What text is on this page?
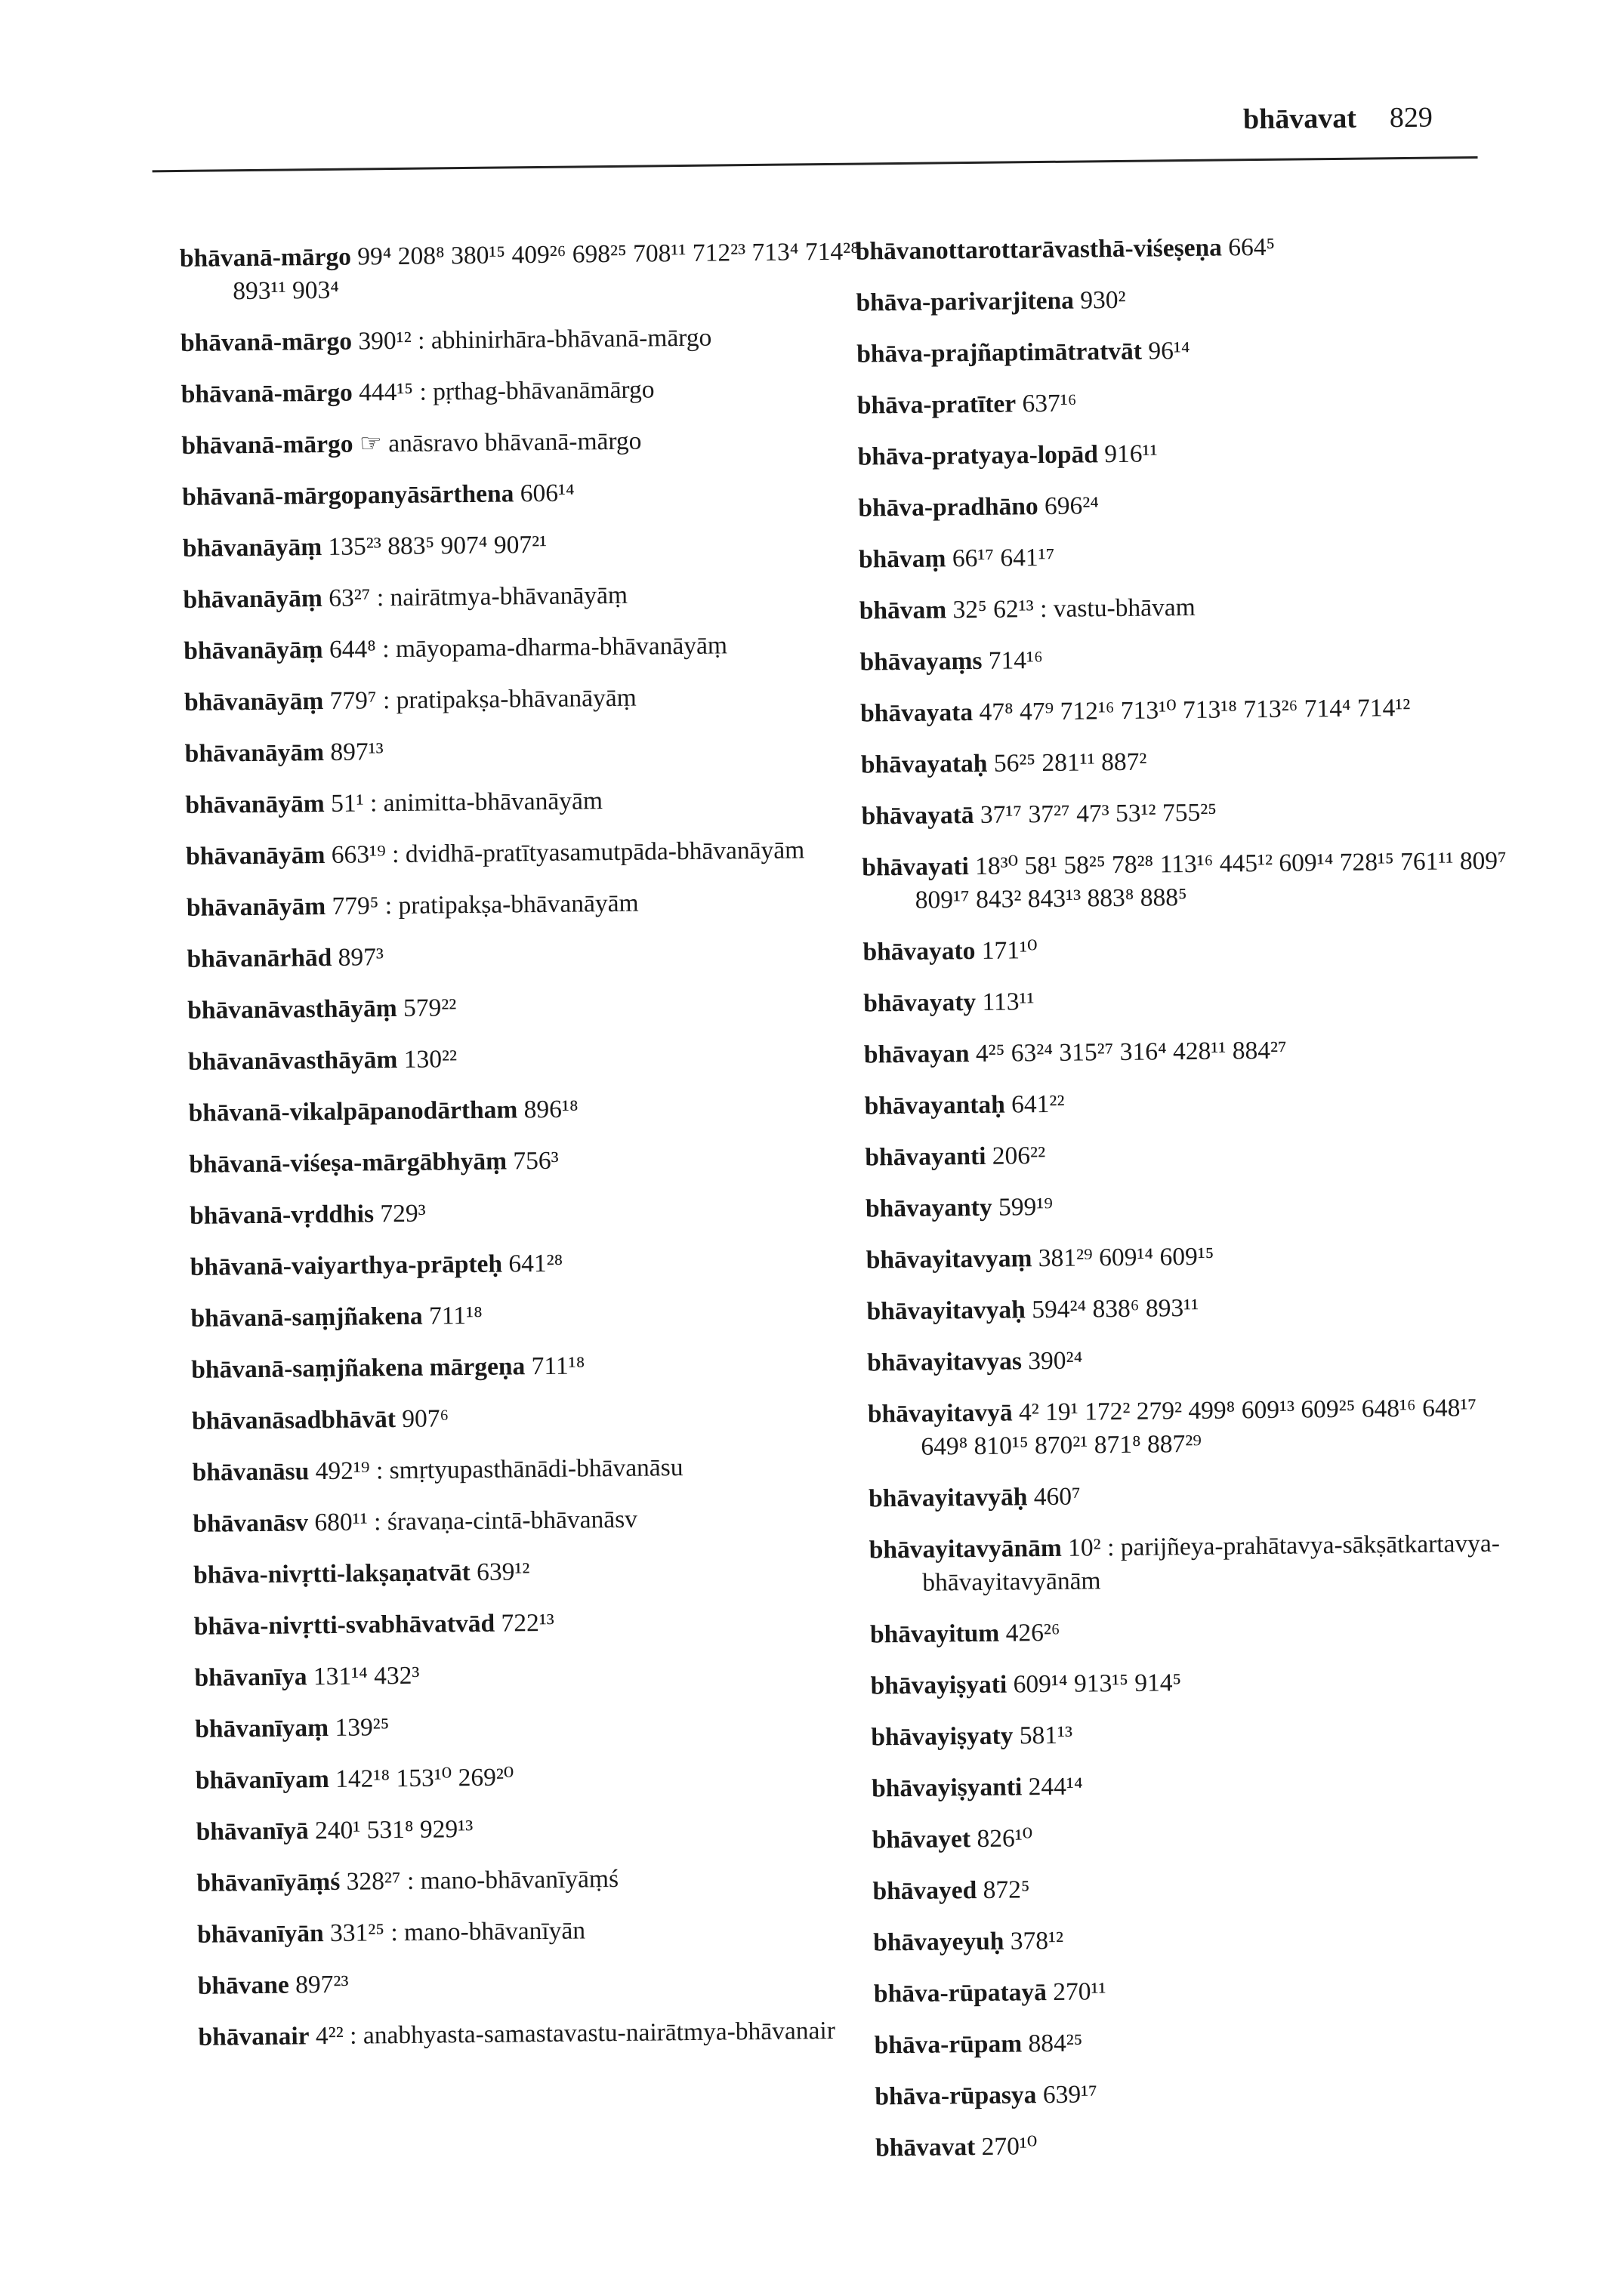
bhāvavat 829
bhāvanā-mārgo 99⁴ 208⁸ 380¹⁵ 409²⁶ 698²⁵ 708¹¹ 712²³ 713⁴ 714²⁸ 893¹¹ 903⁴
bhāvanā-mārgo 390¹² : abhinirhāra-bhāvanā-mārgo
bhāvanā-mārgo 444¹⁵ : pṛthag-bhāvanāmārgo
bhāvanā-mārgo ☞ anāsravo bhāvanā-mārgo
bhāvanā-mārgopanyāsārthena 606¹⁴
bhāvanāyāṃ 135²³ 883⁵ 907⁴ 907²¹
bhāvanāyāṃ 63²⁷ : nairātmya-bhāvanāyāṃ
bhāvanāyāṃ 644⁸ : māyopama-dharma-bhāvanāyāṃ
bhāvanāyāṃ 779⁷ : pratipakṣa-bhāvanāyāṃ
bhāvanāyām 897¹³
bhāvanāyām 51¹ : animitta-bhāvanāyām
bhāvanāyām 663¹⁹ : dvidhā-pratītyasamutpāda-bhāvanāyām
bhāvanāyām 779⁵ : pratipakṣa-bhāvanāyām
bhāvanārhād 897³
bhāvanāvasthāyāṃ 579²²
bhāvanāvasthāyām 130²²
bhāvanā-vikalpāpanodārtham 896¹⁸
bhāvanā-viśeṣa-mārgābhyāṃ 756³
bhāvanā-vṛddhis 729³
bhāvanā-vaiyarthya-prāpteḥ 641²⁸
bhāvanā-saṃjñakena 711¹⁸
bhāvanā-saṃjñakena mārgeṇa 711¹⁸
bhāvanāsadbhāvāt 907⁶
bhāvanāsu 492¹⁹ : smṛtyupasthānādi-bhāvanāsu
bhāvanāsv 680¹¹ : śravaṇa-cintā-bhāvanāsv
bhāva-nivṛtti-lakṣaṇatvāt 639¹²
bhāva-nivṛtti-svabhāvatvād 722¹³
bhāvanīya 131¹⁴ 432³
bhāvanīyaṃ 139²⁵
bhāvanīyam 142¹⁸ 153¹⁰ 269²⁰
bhāvanīyā 240¹ 531⁸ 929¹³
bhāvanīyāṃś 328²⁷ : mano-bhāvanīyāṃś
bhāvanīyān 331²⁵ : mano-bhāvanīyān
bhāvane 897²³
bhāvanair 4²² : anabhyasta-samastavastu-nairātmya-bhāvanair
bhāvanottarottarāvasthā-viśeṣeṇa 664⁵
bhāva-parivarjitena 930²
bhāva-prajñaptimātratvāt 96¹⁴
bhāva-pratīter 637¹⁶
bhāva-pratyaya-lopād 916¹¹
bhāva-pradhāno 696²⁴
bhāvaṃ 66¹⁷ 641¹⁷
bhāvam 32⁵ 62¹³ : vastu-bhāvam
bhāvayaṃs 714¹⁶
bhāvayata 47⁸ 47⁹ 712¹⁶ 713¹⁰ 713¹⁸ 713²⁶ 714⁴ 714¹²
bhāvayataḥ 56²⁵ 281¹¹ 887²
bhāvayatā 37¹⁷ 37²⁷ 47³ 53¹² 755²⁵
bhāvayati 18³⁰ 58¹ 58²⁵ 78²⁸ 113¹⁶ 445¹² 609¹⁴ 728¹⁵ 761¹¹ 809⁷ 809¹⁷ 843² 843¹³ 883⁸ 888⁵
bhāvayato 171¹⁰
bhāvayaty 113¹¹
bhāvayan 4²⁵ 63²⁴ 315²⁷ 316⁴ 428¹¹ 884²⁷
bhāvayantaḥ 641²²
bhāvayanti 206²²
bhāvayanty 599¹⁹
bhāvayitavyaṃ 381²⁹ 609¹⁴ 609¹⁵
bhāvayitavyaḥ 594²⁴ 838⁶ 893¹¹
bhāvayitavyas 390²⁴
bhāvayitavyā 4² 19¹ 172² 279² 499⁸ 609¹³ 609²⁵ 648¹⁶ 648¹⁷ 649⁸ 810¹⁵ 870²¹ 871⁸ 887²⁹
bhāvayitavyāḥ 460⁷
bhāvayitavyānām 10² : parijñeya-prahātavya-sākṣātkartavya-bhāvayitavyānām
bhāvayitum 426²⁶
bhāvayiṣyati 609¹⁴ 913¹⁵ 914⁵
bhāvayiṣyaty 581¹³
bhāvayiṣyanti 244¹⁴
bhāvayet 826¹⁰
bhāvayed 872⁵
bhāvayeyuḥ 378¹²
bhāva-rūpatayā 270¹¹
bhāva-rūpam 884²⁵
bhāva-rūpasya 639¹⁷
bhāvavat 270¹⁰
